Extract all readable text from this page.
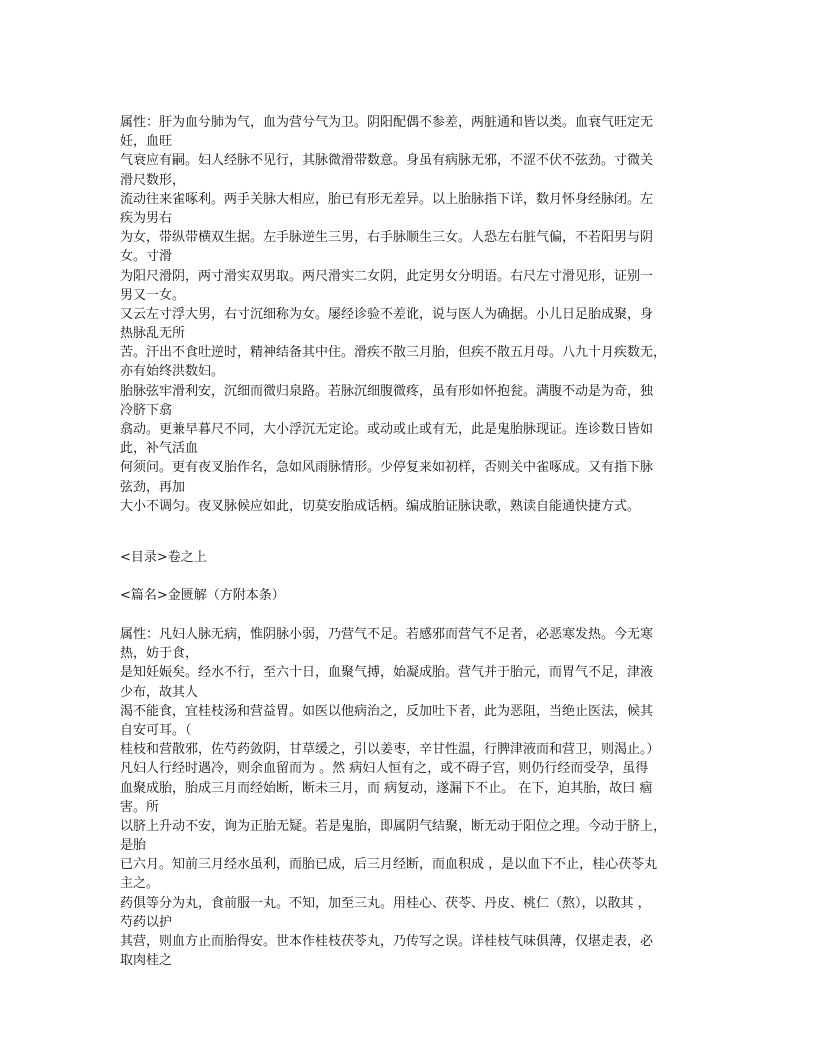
属性：肝为血兮肺为气，血为营兮气为卫。阴阳配偶不参差，两脏通和皆以类。血衰气旺定无

妊，血旺

气衰应有嗣。妇人经脉不见行，其脉微滑带数意。身虽有病脉无邪，不涩不伏不弦劲。寸微关

滑尺数形，

流动往来雀啄利。两手关脉大相应，胎已有形无差异。以上胎脉指下详，数月怀身经脉闭。左

疾为男右

为女，带纵带横双生据。左手脉逆生三男，右手脉顺生三女。人恐左右脏气偏，不若阳男与阴

女。寸滑

为阳尺滑阴，两寸滑实双男取。两尺滑实二女阴，此定男女分明语。右尺左寸滑见形，证别一

男又一女。

又云左寸浮大男，右寸沉细称为女。屡经诊验不差讹，说与医人为确据。小儿日足胎成聚，身

热脉乱无所

苦。汗出不食吐逆时，精神结备其中住。滑疾不散三月胎，但疾不散五月母。八九十月疾数无，

亦有始终洪数妇。

胎脉弦牢滑利安，沉细而微归泉路。若脉沉细腹微疼，虽有形如怀抱瓮。满腹不动是为奇，独

冷脐下翕

翕动。更兼早暮尺不同，大小浮沉无定论。或动或止或有无，此是鬼胎脉现证。连诊数日皆如

此，补气活血

何须问。更有夜叉胎作名，急如风雨脉情形。少停复来如初样，否则关中雀啄成。又有指下脉

弦劲，再加

大小不调匀。夜叉脉候应如此，切莫安胎成话柄。编成胎证脉诀歌，熟读自能通快捷方式。

<目录>卷之上
<篇名>金匮解（方附本条）

属性：凡妇人脉无病，惟阴脉小弱，乃营气不足。若感邪而营气不足者，必恶寒发热。今无寒

热，妨于食，

是知妊娠矣。经水不行，至六十日，血聚气搏，始凝成胎。营气并于胎元，而胃气不足，津液

少布，故其人

渴不能食，宜桂枝汤和营益胃。如医以他病治之，反加吐下者，此为恶阻，当绝止医法，候其

自安可耳。（

桂枝和营散邪，佐芍药敛阴，甘草缓之，引以姜枣，辛甘性温，行脾津液而和营卫，则渴止。）

凡妇人行经时遇冷，则余血留而为 。然 病妇人恒有之，或不碍子宫，则仍行经而受孕，虽得

血聚成胎，胎成三月而经始断，断未三月，而 病复动，遂漏下不止。 在下，迫其胎，故曰 痼

害。所

以脐上升动不安，询为正胎无疑。若是鬼胎，即属阴气结聚，断无动于阳位之理。今动于脐上，

是胎

已六月。知前三月经水虽利，而胎已成，后三月经断，而血积成 ，是以血下不止，桂心茯苓丸

主之。

药俱等分为丸，食前服一丸。不知，加至三丸。用桂心、茯苓、丹皮、桃仁（熬），以散其 ，

芍药以护

其营，则血方止而胎得安。世本作桂枝茯苓丸，乃传写之误。详桂枝气味俱薄，仅堪走表，必

取肉桂之
